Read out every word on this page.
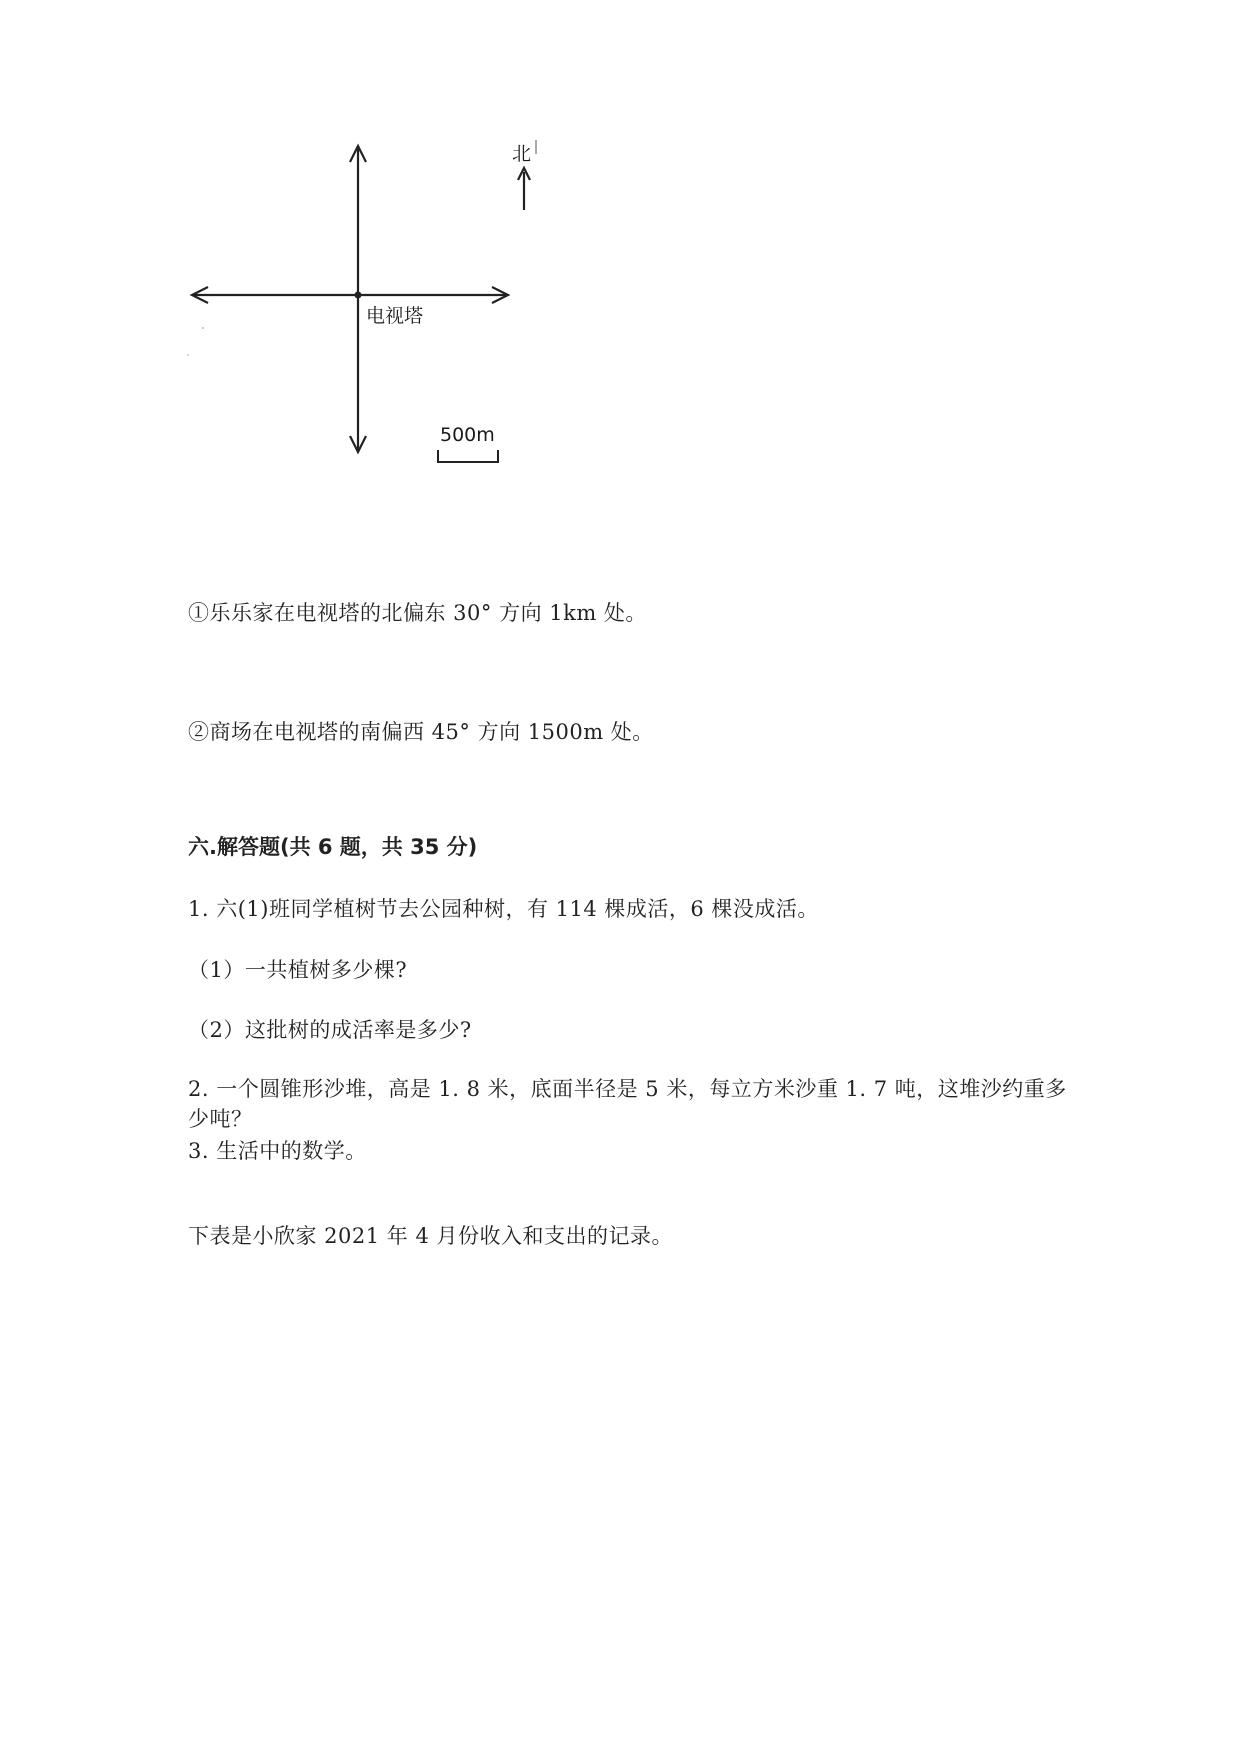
电视塔
北
500m
①乐乐家在电视塔的北偏东 30° 方向 1km 处。
②商场在电视塔的南偏西 45° 方向 1500m 处。
六.解答题(共 6 题，共 35 分)
1. 六(1)班同学植树节去公园种树，有 114 棵成活，6 棵没成活。
（1）一共植树多少棵?
（2）这批树的成活率是多少?
2. 一个圆锥形沙堆，高是 1. 8 米，底面半径是 5 米，每立方米沙重 1. 7 吨，这堆沙约重多少吨？
3. 生活中的数学。
下表是小欣家 2021 年 4 月份收入和支出的记录。
